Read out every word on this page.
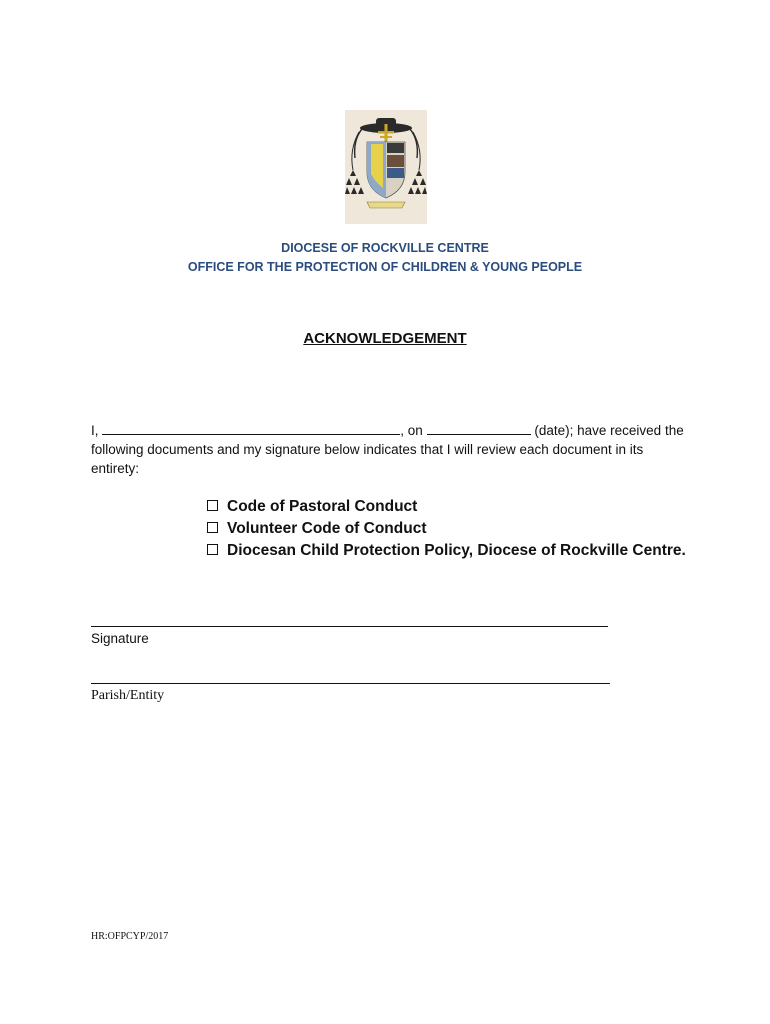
DIOCESE OF ROCKVILLE CENTRE
OFFICE FOR THE PROTECTION OF CHILDREN & YOUNG PEOPLE
ACKNOWLEDGEMENT
I,	, on	(date); have received the following documents and my signature below indicates that I will review each document in its entirety:
Code of Pastoral Conduct
Volunteer Code of Conduct
Diocesan Child Protection Policy, Diocese of Rockville Centre.
Signature
Parish/Entity
HR:OFPCYP/2017
